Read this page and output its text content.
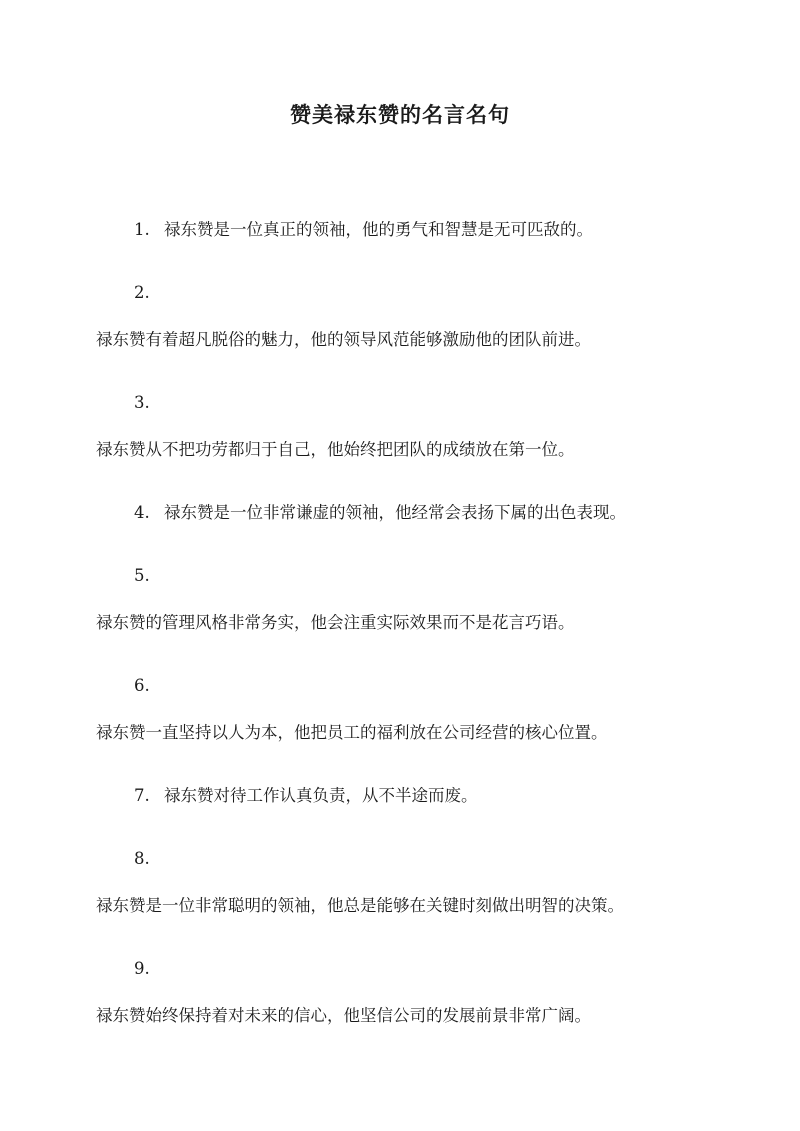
赞美禄东赞的名言名句
1. 禄东赞是一位真正的领袖，他的勇气和智慧是无可匹敌的。
2.
禄东赞有着超凡脱俗的魅力，他的领导风范能够激励他的团队前进。
3.
禄东赞从不把功劳都归于自己，他始终把团队的成绩放在第一位。
4. 禄东赞是一位非常谦虚的领袖，他经常会表扬下属的出色表现。
5.
禄东赞的管理风格非常务实，他会注重实际效果而不是花言巧语。
6.
禄东赞一直坚持以人为本，他把员工的福利放在公司经营的核心位置。
7. 禄东赞对待工作认真负责，从不半途而废。
8.
禄东赞是一位非常聪明的领袖，他总是能够在关键时刻做出明智的决策。
9.
禄东赞始终保持着对未来的信心，他坚信公司的发展前景非常广阔。
